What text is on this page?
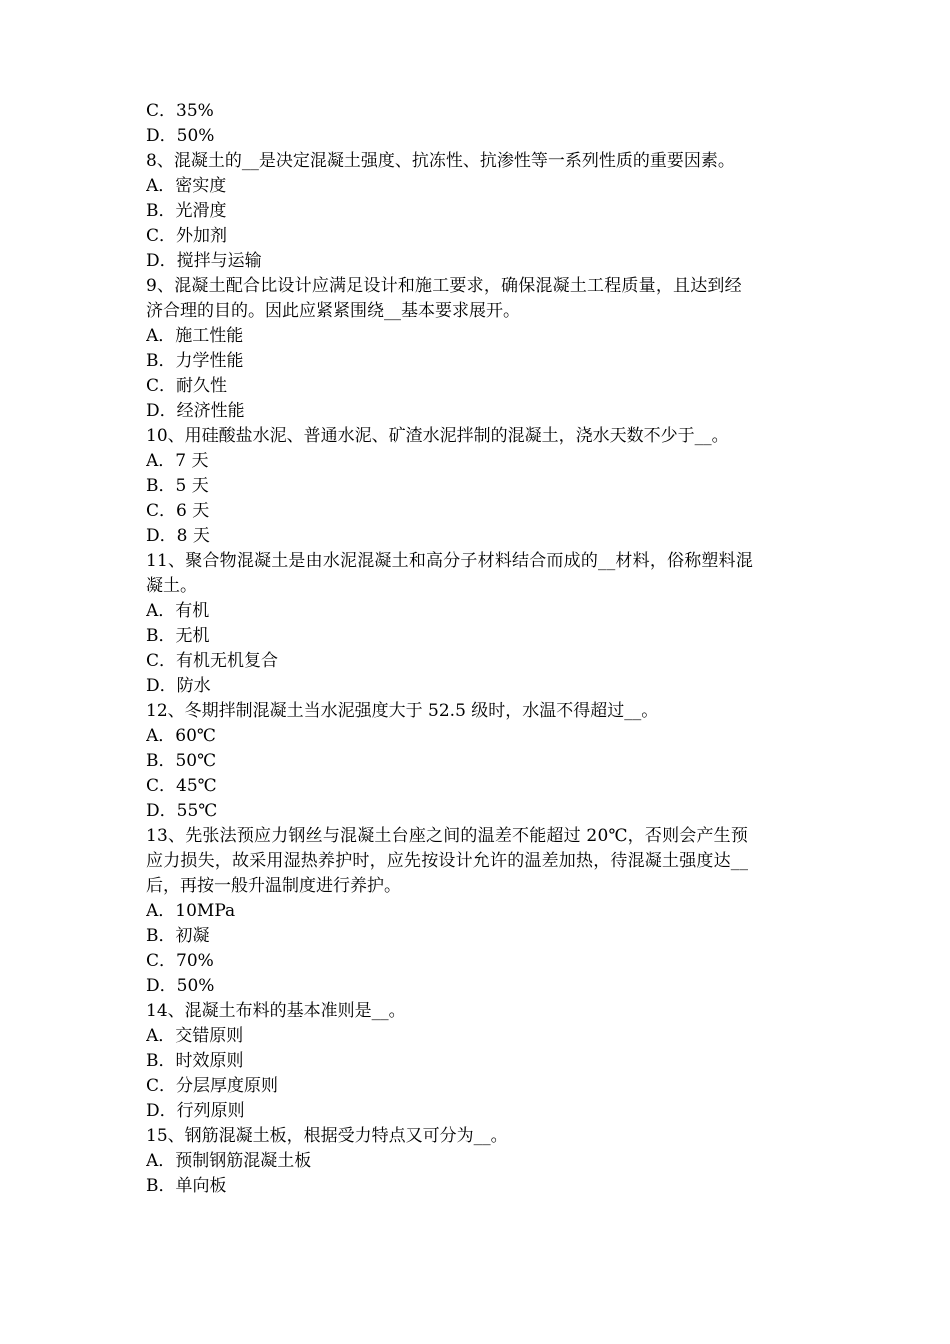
C．35%
D．50%
8、混凝土的__是决定混凝土强度、抗冻性、抗渗性等一系列性质的重要因素。
A．密实度
B．光滑度
C．外加剂
D．搅拌与运输
9、混凝土配合比设计应满足设计和施工要求，确保混凝土工程质量，且达到经
济合理的目的。因此应紧紧围绕__基本要求展开。
A．施工性能
B．力学性能
C．耐久性
D．经济性能
10、用硅酸盐水泥、普通水泥、矿渣水泥拌制的混凝土，浇水天数不少于__。
A．7 天
B．5 天
C．6 天
D．8 天
11、聚合物混凝土是由水泥混凝土和高分子材料结合而成的__材料，俗称塑料混
凝土。
A．有机
B．无机
C．有机无机复合
D．防水
12、冬期拌制混凝土当水泥强度大于 52.5 级时，水温不得超过__。
A．60℃
B．50℃
C．45℃
D．55℃
13、先张法预应力钢丝与混凝土台座之间的温差不能超过 20℃，否则会产生预
应力损失，故采用湿热养护时，应先按设计允许的温差加热，待混凝土强度达__
后，再按一般升温制度进行养护。
A．10MPa
B．初凝
C．70%
D．50%
14、混凝土布料的基本准则是__。
A．交错原则
B．时效原则
C．分层厚度原则
D．行列原则
15、钢筋混凝土板，根据受力特点又可分为__。
A．预制钢筋混凝土板
B．单向板
